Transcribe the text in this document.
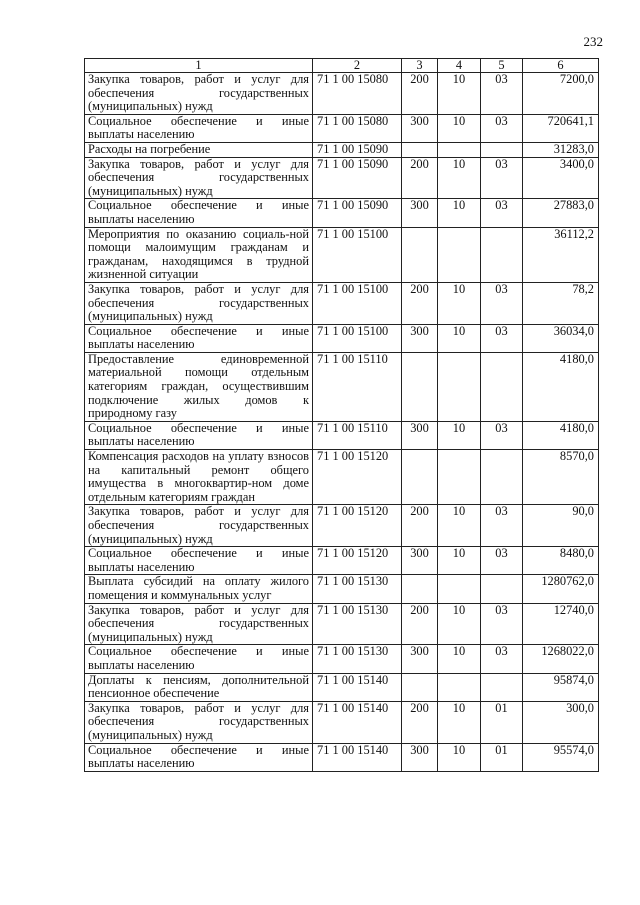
232
1	2	3	4	5	6
Закупка товаров, работ и услуг для обеспечения государственных (муниципальных) нужд	71 1 00 15080	200	10	03	7200,0
Социальное обеспечение и иные выплаты населению	71 1 00 15080	300	10	03	720641,1
Расходы на погребение	71 1 00 15090				31283,0
Закупка товаров, работ и услуг для обеспечения государственных (муниципальных) нужд	71 1 00 15090	200	10	03	3400,0
Социальное обеспечение и иные выплаты населению	71 1 00 15090	300	10	03	27883,0
Мероприятия по оказанию социаль-ной помощи малоимущим гражданам и гражданам, находящимся в трудной жизненной ситуации	71 1 00 15100				36112,2
Закупка товаров, работ и услуг для обеспечения государственных (муниципальных) нужд	71 1 00 15100	200	10	03	78,2
Социальное обеспечение и иные выплаты населению	71 1 00 15100	300	10	03	36034,0
Предоставление единовременной материальной помощи отдельным категориям граждан, осуществившим подключение жилых домов к природному газу	71 1 00 15110				4180,0
Социальное обеспечение и иные выплаты населению	71 1 00 15110	300	10	03	4180,0
Компенсация расходов на уплату взносов на капитальный ремонт общего имущества в многоквартир-ном доме отдельным категориям граждан	71 1 00 15120				8570,0
Закупка товаров, работ и услуг для обеспечения государственных (муниципальных) нужд	71 1 00 15120	200	10	03	90,0
Социальное обеспечение и иные выплаты населению	71 1 00 15120	300	10	03	8480,0
Выплата субсидий на оплату жилого помещения и коммунальных услуг	71 1 00 15130				1280762,0
Закупка товаров, работ и услуг для обеспечения государственных (муниципальных) нужд	71 1 00 15130	200	10	03	12740,0
Социальное обеспечение и иные выплаты населению	71 1 00 15130	300	10	03	1268022,0
Доплаты к пенсиям, дополнительной пенсионное обеспечение	71 1 00 15140				95874,0
Закупка товаров, работ и услуг для обеспечения государственных (муниципальных) нужд	71 1 00 15140	200	10	01	300,0
Социальное обеспечение и иные выплаты населению	71 1 00 15140	300	10	01	95574,0
